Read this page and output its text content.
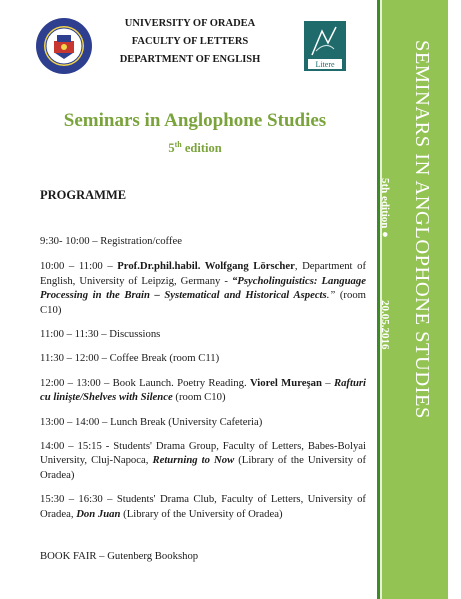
UNIVERSITY OF ORADEA
FACULTY OF LETTERS
DEPARTMENT OF ENGLISH	Litere
Seminars in Anglophone Studies
5th edition
PROGRAMME

9:30- 10:00 – Registration/coffee

10:00 – 11:00 – Prof.Dr.phil.habil. Wolfgang Lörscher, Department of English, University of Leipzig, Germany - “Psycholinguistics: Language Processing in the Brain – Systematical and Historical Aspects.” (room C10)

11:00 – 11:30 – Discussions

11:30 – 12:00 – Coffee Break (room C11)

12:00 – 13:00 – Book Launch. Poetry Reading. Viorel Mureşan – Rafturi cu linişte/Shelves with Silence (room C10)

13:00 – 14:00 – Lunch Break (University Cafeteria)

14:00 – 15:15 - Students' Drama Group, Faculty of Letters, Babes-Bolyai University, Cluj-Napoca, Returning to Now (Library of the University of Oradea)

15:30 – 16:30 – Students' Drama Club, Faculty of Letters, University of Oradea, Don Juan (Library of the University of Oradea)

BOOK FAIR – Gutenberg Bookshop
SEMINARS IN ANGLOPHONE STUDIES
5th edition ●
20.05.2016
